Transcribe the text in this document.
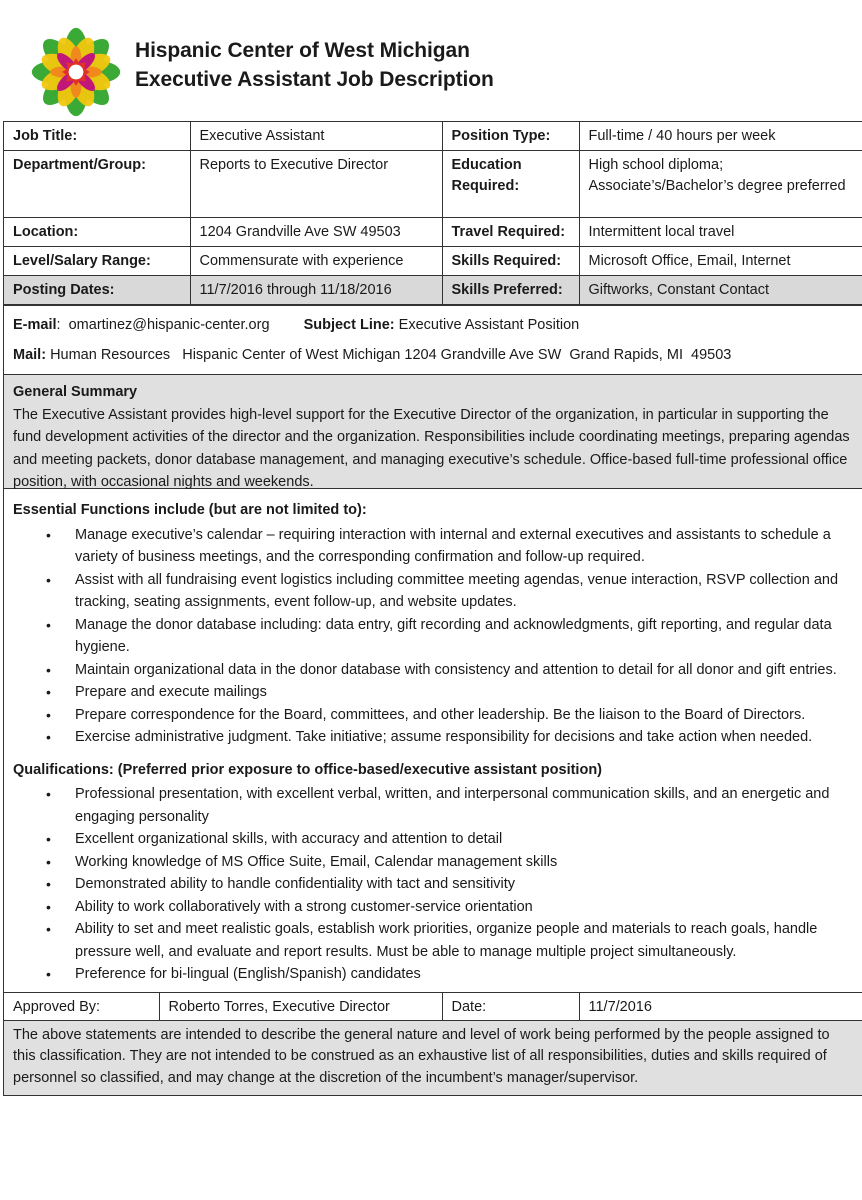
Hispanic Center of West Michigan
Executive Assistant Job Description
Job Title:	Executive Assistant	Position Type:	Full-time / 40 hours per week
Department/Group:	Reports to Executive Director	Education Required:	High school diploma;
Associate’s/Bachelor’s degree preferred

Location:	1204 Grandville Ave SW 49503	Travel Required:	Intermittent local travel
Level/Salary Range:	Commensurate with experience	Skills Required:	Microsoft Office, Email, Internet
Posting Dates:	11/7/2016 through 11/18/2016	Skills Preferred:	Giftworks, Constant Contact
E-mail:  omartinez@hispanic-center.org Subject Line: Executive Assistant Position
Mail: Human Resources   Hispanic Center of West Michigan 1204 Grandville Ave SW  Grand Rapids, MI  49503
General Summary
The Executive Assistant provides high-level support for the Executive Director of the organization, in particular in supporting the fund development activities of the director and the organization. Responsibilities include coordinating meetings, preparing agendas and meeting packets, donor database management, and managing executive’s schedule. Office-based full-time professional office position, with occasional nights and weekends.
Essential Functions include (but are not limited to):
• Manage executive’s calendar – requiring interaction with internal and external executives and assistants to schedule a variety of business meetings, and the corresponding confirmation and follow-up required.
• Assist with all fundraising event logistics including committee meeting agendas, venue interaction, RSVP collection and tracking, seating assignments, event follow-up, and website updates.
• Manage the donor database including: data entry, gift recording and acknowledgments, gift reporting, and regular data hygiene.
• Maintain organizational data in the donor database with consistency and attention to detail for all donor and gift entries.
• Prepare and execute mailings
• Prepare correspondence for the Board, committees, and other leadership. Be the liaison to the Board of Directors.
• Exercise administrative judgment. Take initiative; assume responsibility for decisions and take action when needed.
Qualifications: (Preferred prior exposure to office-based/executive assistant position)
• Professional presentation, with excellent verbal, written, and interpersonal communication skills, and an energetic and engaging personality
• Excellent organizational skills, with accuracy and attention to detail
• Working knowledge of MS Office Suite, Email, Calendar management skills
• Demonstrated ability to handle confidentiality with tact and sensitivity
• Ability to work collaboratively with a strong customer-service orientation
• Ability to set and meet realistic goals, establish work priorities, organize people and materials to reach goals, handle pressure well, and evaluate and report results. Must be able to manage multiple project simultaneously.
• Preference for bi-lingual (English/Spanish) candidates
Approved By:	Roberto Torres, Executive Director	Date:	11/7/2016
The above statements are intended to describe the general nature and level of work being performed by the people assigned to this classification. They are not intended to be construed as an exhaustive list of all responsibilities, duties and skills required of personnel so classified, and may change at the discretion of the incumbent’s manager/supervisor.
